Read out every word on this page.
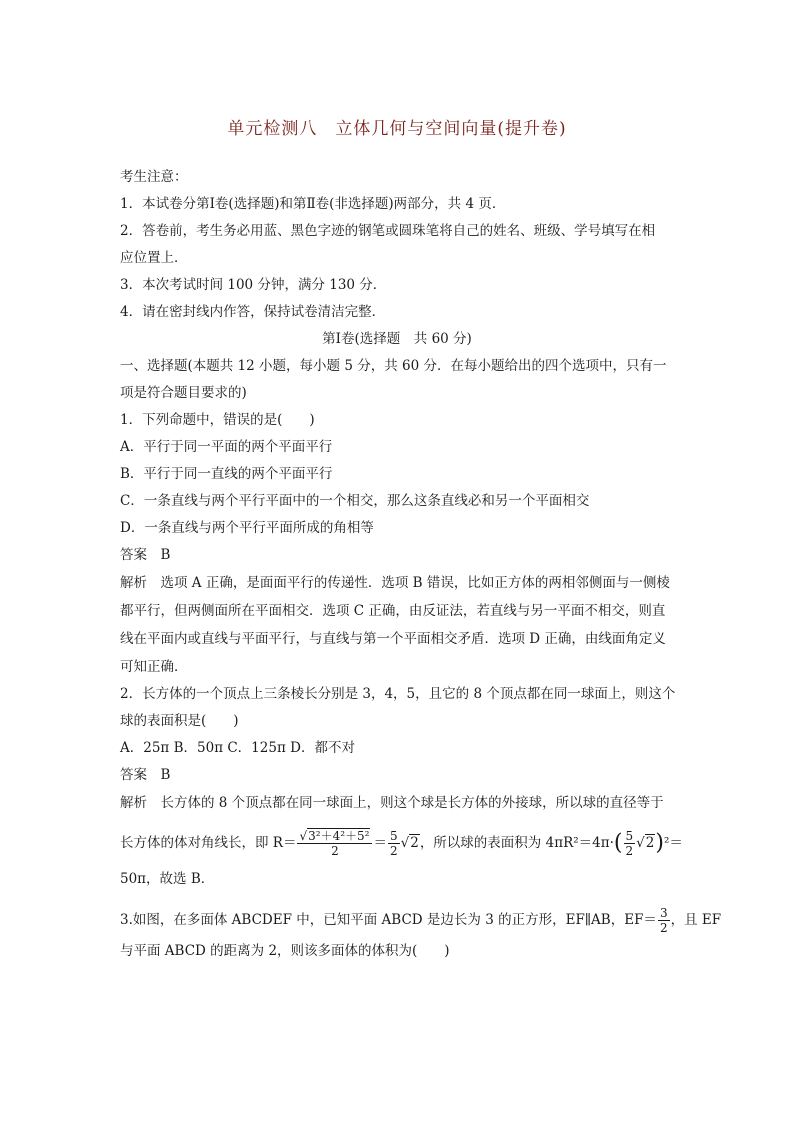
单元检测八　立体几何与空间向量(提升卷)
考生注意：
1．本试卷分第Ⅰ卷(选择题)和第Ⅱ卷(非选择题)两部分，共 4 页．
2．答卷前，考生务必用蓝、黑色字迹的钢笔或圆珠笔将自己的姓名、班级、学号填写在相
应位置上．
3．本次考试时间 100 分钟，满分 130 分．
4．请在密封线内作答，保持试卷清洁完整．
第Ⅰ卷(选择题　共 60 分)
一、选择题(本题共 12 小题，每小题 5 分，共 60 分．在每小题给出的四个选项中，只有一
项是符合题目要求的)
1．下列命题中，错误的是(　　)
A．平行于同一平面的两个平面平行
B．平行于同一直线的两个平面平行
C．一条直线与两个平行平面中的一个相交，那么这条直线必和另一个平面相交
D．一条直线与两个平行平面所成的角相等
答案　B
解析　选项 A 正确，是面面平行的传递性．选项 B 错误，比如正方体的两相邻侧面与一侧棱
都平行，但两侧面所在平面相交．选项 C 正确，由反证法，若直线与另一平面不相交，则直
线在平面内或直线与平面平行，与直线与第一个平面相交矛盾．选项 D 正确，由线面角定义
可知正确．
2．长方体的一个顶点上三条棱长分别是 3，4，5，且它的 8 个顶点都在同一球面上，则这个
球的表面积是(　　)
A．25π B．50π C．125π D．都不对
答案　B
解析　长方体的 8 个顶点都在同一球面上，则这个球是长方体的外接球，所以球的直径等于
长方体的体对角线长，即 $R= \frac{\text{√3²＋4²＋5²}}{2} = \frac{5}{2} √2$，所以球的表面积为 $4\pi R^2=4\pi\cdot( \frac{5}{2} √2)^2=$
50π，故选 B．
3.如图，在多面体 ABCDEF 中，已知平面 ABCD 是边长为 3 的正方形，EF∥AB，$EF= \frac{3}{2}$ ，且 EF
与平面 ABCD 的距离为 2，则该多面体的体积为(　　)
